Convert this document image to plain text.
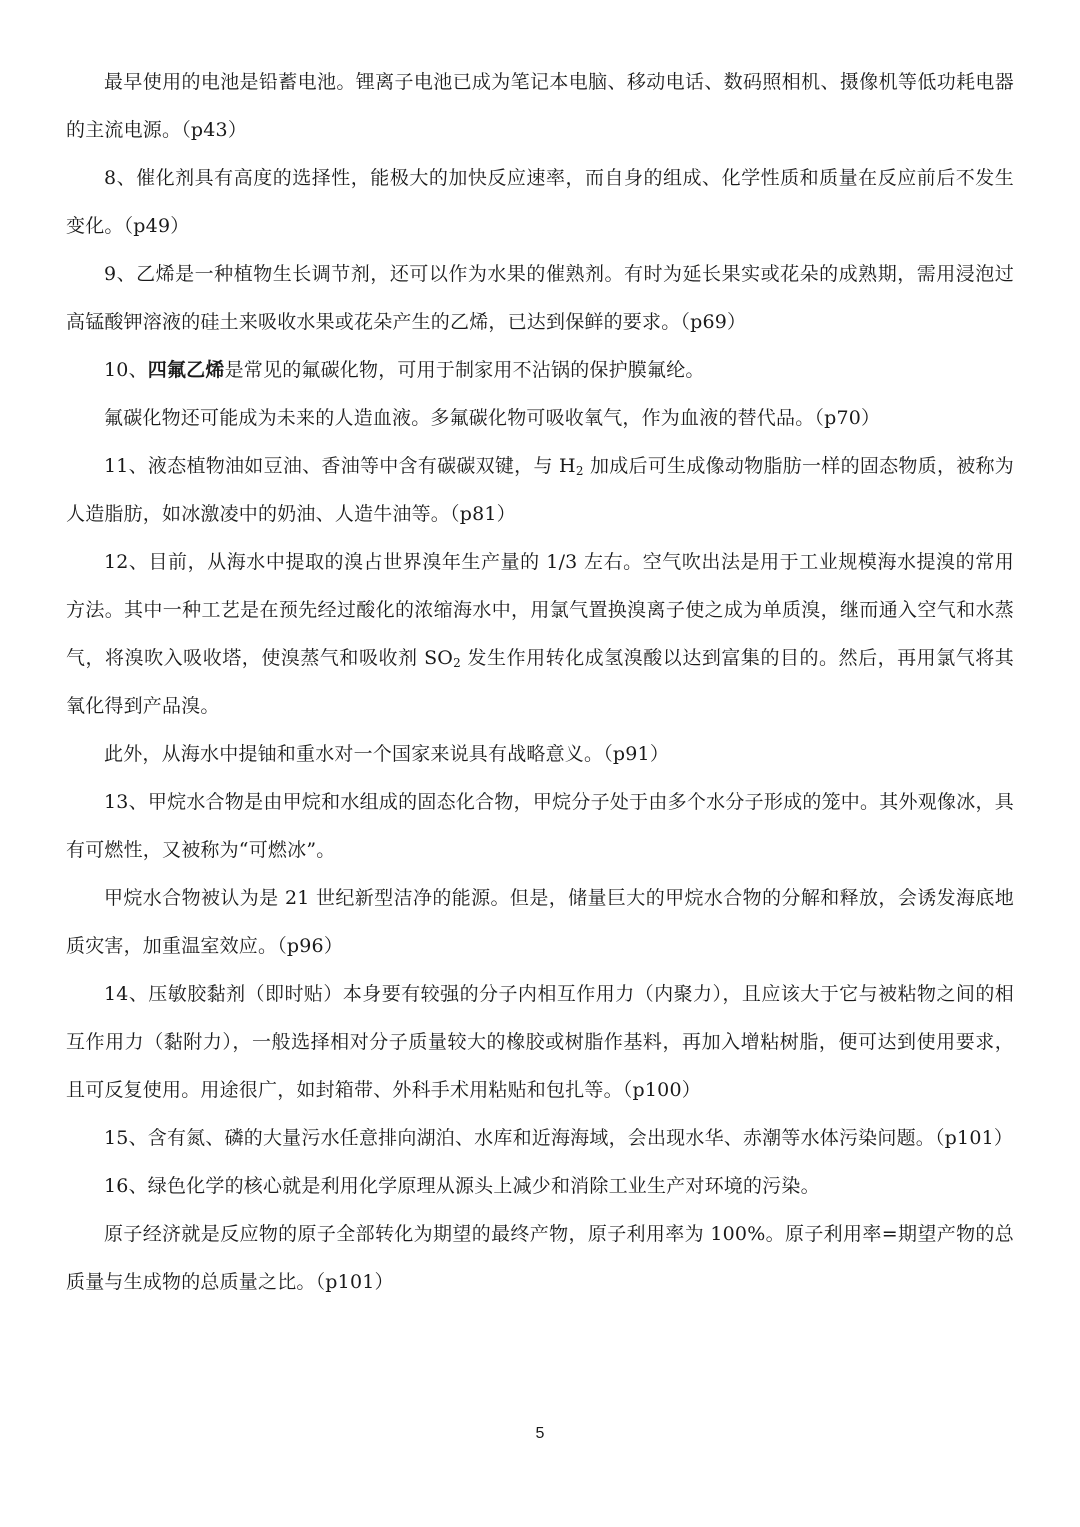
最早使用的电池是铅蓄电池。锂离子电池已成为笔记本电脑、移动电话、数码照相机、摄像机等低功耗电器的主流电源。（p43）

8、催化剂具有高度的选择性，能极大的加快反应速率，而自身的组成、化学性质和质量在反应前后不发生变化。（p49）

9、乙烯是一种植物生长调节剂，还可以作为水果的催熟剂。有时为延长果实或花朵的成熟期，需用浸泡过高锰酸钾溶液的硅土来吸收水果或花朵产生的乙烯，已达到保鲜的要求。（p69）

10、四氟乙烯是常见的氟碳化物，可用于制家用不沾锅的保护膜氟纶。

氟碳化物还可能成为未来的人造血液。多氟碳化物可吸收氧气，作为血液的替代品。（p70）

11、液态植物油如豆油、香油等中含有碳碳双键，与 $H_2$ 加成后可生成像动物脂肪一样的固态物质，被称为人造脂肪，如冰激凌中的奶油、人造牛油等。（p81）

12、目前，从海水中提取的溴占世界溴年生产量的 1/3 左右。空气吹出法是用于工业规模海水提溴的常用方法。其中一种工艺是在预先经过酸化的浓缩海水中，用氯气置换溴离子使之成为单质溴，继而通入空气和水蒸气，将溴吹入吸收塔，使溴蒸气和吸收剂 $SO_2$ 发生作用转化成氢溴酸以达到富集的目的。然后，再用氯气将其氧化得到产品溴。

此外，从海水中提铀和重水对一个国家来说具有战略意义。（p91）

13、甲烷水合物是由甲烷和水组成的固态化合物，甲烷分子处于由多个水分子形成的笼中。其外观像冰，具有可燃性，又被称为“可燃冰”。

甲烷水合物被认为是 21 世纪新型洁净的能源。但是，储量巨大的甲烷水合物的分解和释放，会诱发海底地质灾害，加重温室效应。（p96）

14、压敏胶黏剂（即时贴）本身要有较强的分子内相互作用力（内聚力），且应该大于它与被粘物之间的相互作用力（黏附力），一般选择相对分子质量较大的橡胶或树脂作基料，再加入增粘树脂，便可达到使用要求，且可反复使用。用途很广，如封箱带、外科手术用粘贴和包扎等。（p100）

15、含有氮、磷的大量污水任意排向湖泊、水库和近海海域，会出现水华、赤潮等水体污染问题。（p101）

16、绿色化学的核心就是利用化学原理从源头上减少和消除工业生产对环境的污染。

原子经济就是反应物的原子全部转化为期望的最终产物，原子利用率为 100%。原子利用率=期望产物的总质量与生成物的总质量之比。（p101）

5
